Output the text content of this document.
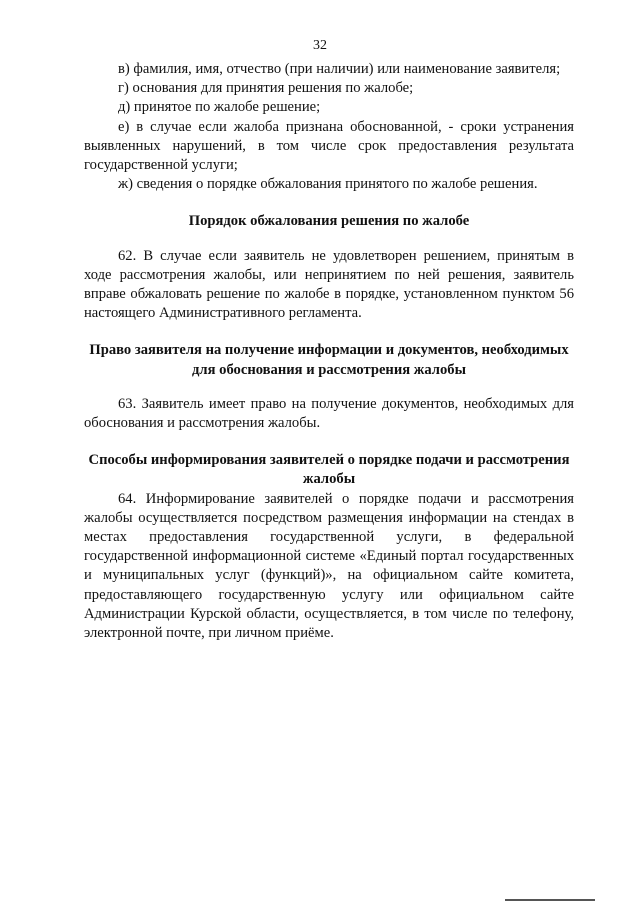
32

в) фамилия, имя, отчество (при наличии) или наименование заявителя;

г) основания для принятия решения по жалобе;

д) принятое по жалобе решение;

е) в случае если жалоба признана обоснованной, - сроки устранения выявленных нарушений, в том числе срок предоставления результата государственной услуги;

ж) сведения о порядке обжалования принятого по жалобе решения.

Порядок обжалования решения по жалобе

62. В случае если заявитель не удовлетворен решением, принятым в ходе рассмотрения жалобы, или непринятием по ней решения, заявитель вправе обжаловать решение по жалобе в порядке, установленном пунктом 56 настоящего Административного регламента.

Право заявителя на получение информации и документов, необходимых для обоснования и рассмотрения жалобы

63. Заявитель имеет право на получение документов, необходимых для обоснования и рассмотрения жалобы.

Способы информирования заявителей о порядке подачи и рассмотрения жалобы

64. Информирование заявителей о порядке подачи и рассмотрения жалобы осуществляется посредством размещения информации на стендах в местах предоставления государственной услуги, в федеральной государственной информационной системе «Единый портал государственных и муниципальных услуг (функций)», на официальном сайте комитета, предоставляющего государственную услугу или официальном сайте Администрации Курской области, осуществляется, в том числе по телефону, электронной почте, при личном приёме.
